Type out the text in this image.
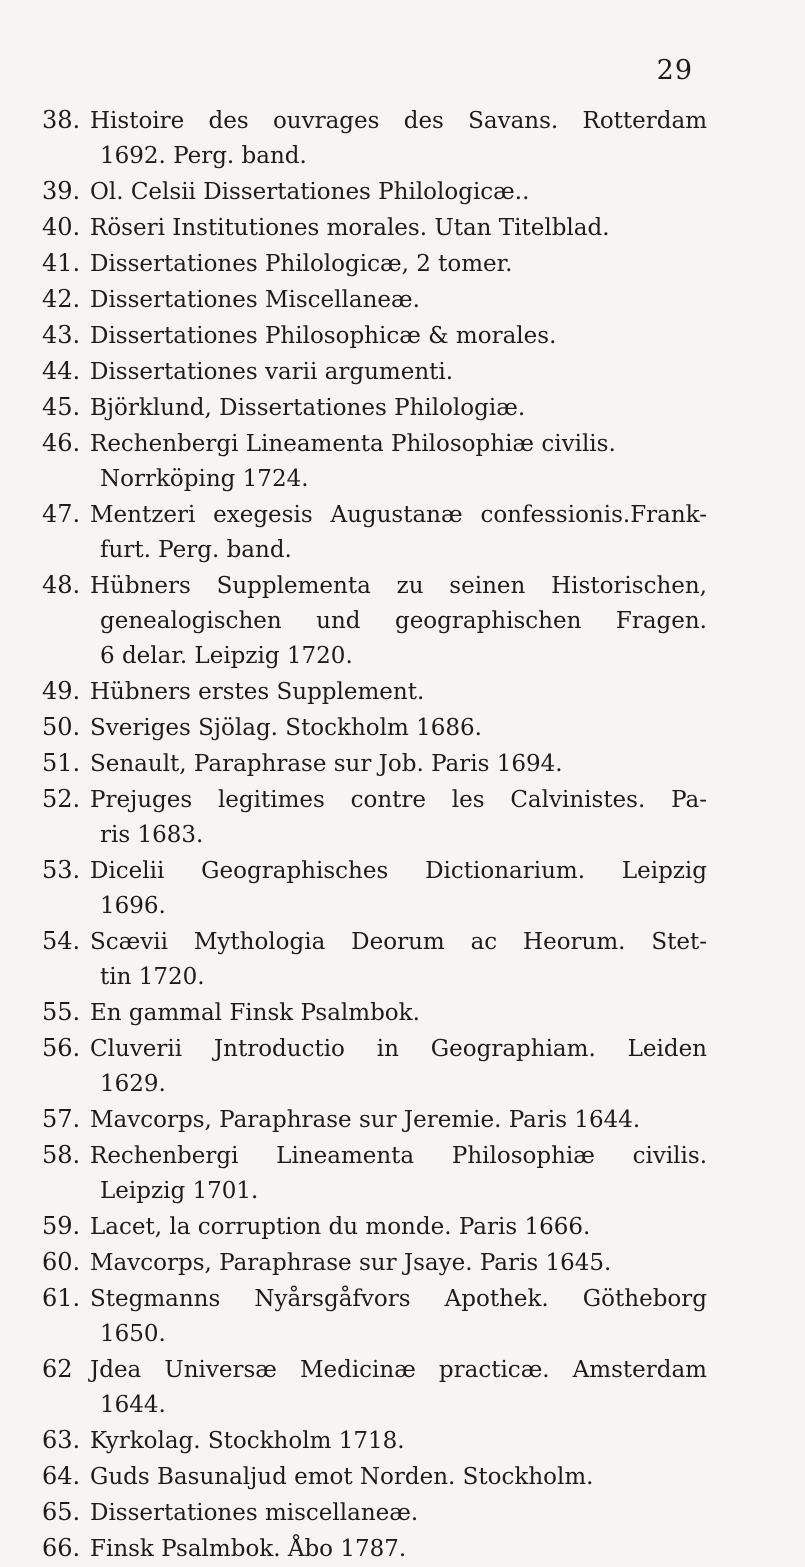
29
38. Histoire des ouvrages des Savans. Rotterdam
1692. Perg. band.
39. Ol. Celsii Dissertationes Philologicæ..
40. Röseri Institutiones morales. Utan Titelblad.
41. Dissertationes Philologicæ, 2 tomer.
42. Dissertationes Miscellaneæ.
43. Dissertationes Philosophicæ & morales.
44. Dissertationes varii argumenti.
45. Björklund, Dissertationes Philologiæ.
46. Rechenbergi Lineamenta Philosophiæ civilis.
Norrköping 1724.
47. Mentzeri exegesis Augustanæ confessionis.Frank-
furt. Perg. band.
48. Hübners Supplementa zu seinen Historischen,
genealogischen und geographischen Fragen.
6 delar. Leipzig 1720.
49. Hübners erstes Supplement.
50. Sveriges Sjölag. Stockholm 1686.
51. Senault, Paraphrase sur Job. Paris 1694.
52. Prejuges legitimes contre les Calvinistes. Pa-
ris 1683.
53. Dicelii Geographisches Dictionarium. Leipzig
1696.
54. Scævii Mythologia Deorum ac Heorum. Stet-
tin 1720.
55. En gammal Finsk Psalmbok.
56. Cluverii Jntroductio in Geographiam. Leiden
1629.
57. Mavcorps, Paraphrase sur Jeremie. Paris 1644.
58. Rechenbergi Lineamenta Philosophiæ civilis.
Leipzig 1701.
59. Lacet, la corruption du monde. Paris 1666.
60. Mavcorps, Paraphrase sur Jsaye. Paris 1645.
61. Stegmanns Nyårsgåfvors Apothek. Götheborg
1650.
62 Jdea Universæ Medicinæ practicæ. Amsterdam
1644.
63. Kyrkolag. Stockholm 1718.
64. Guds Basunaljud emot Norden. Stockholm.
65. Dissertationes miscellaneæ.
66. Finsk Psalmbok. Åbo 1787.
